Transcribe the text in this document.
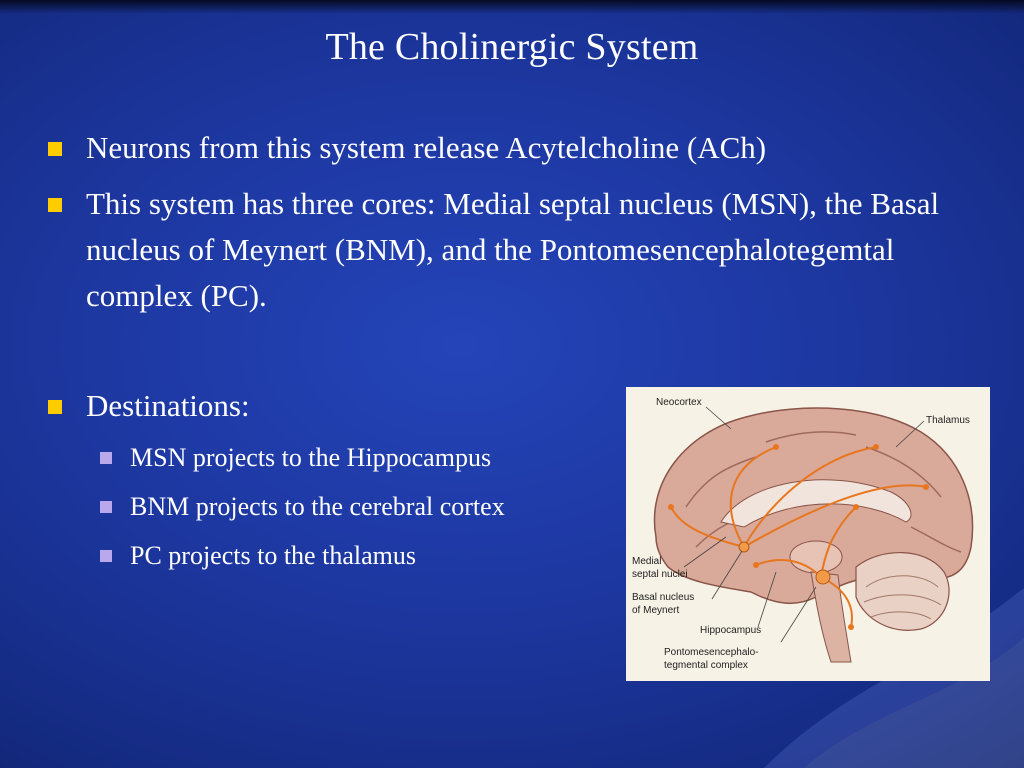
The Cholinergic System
Neurons from this system release Acytelcholine (ACh)
This system has three cores: Medial septal nucleus (MSN), the Basal nucleus of Meynert (BNM), and the Pontomesencephalotegemtal complex (PC).
Destinations:
MSN projects to the Hippocampus
BNM projects to the cerebral cortex
PC projects to the thalamus
Neocortex
Thalamus
Medial
septal nuclei
Basal nucleus
of Meynert
Hippocampus
Pontomesencephalo-
tegmental complex
